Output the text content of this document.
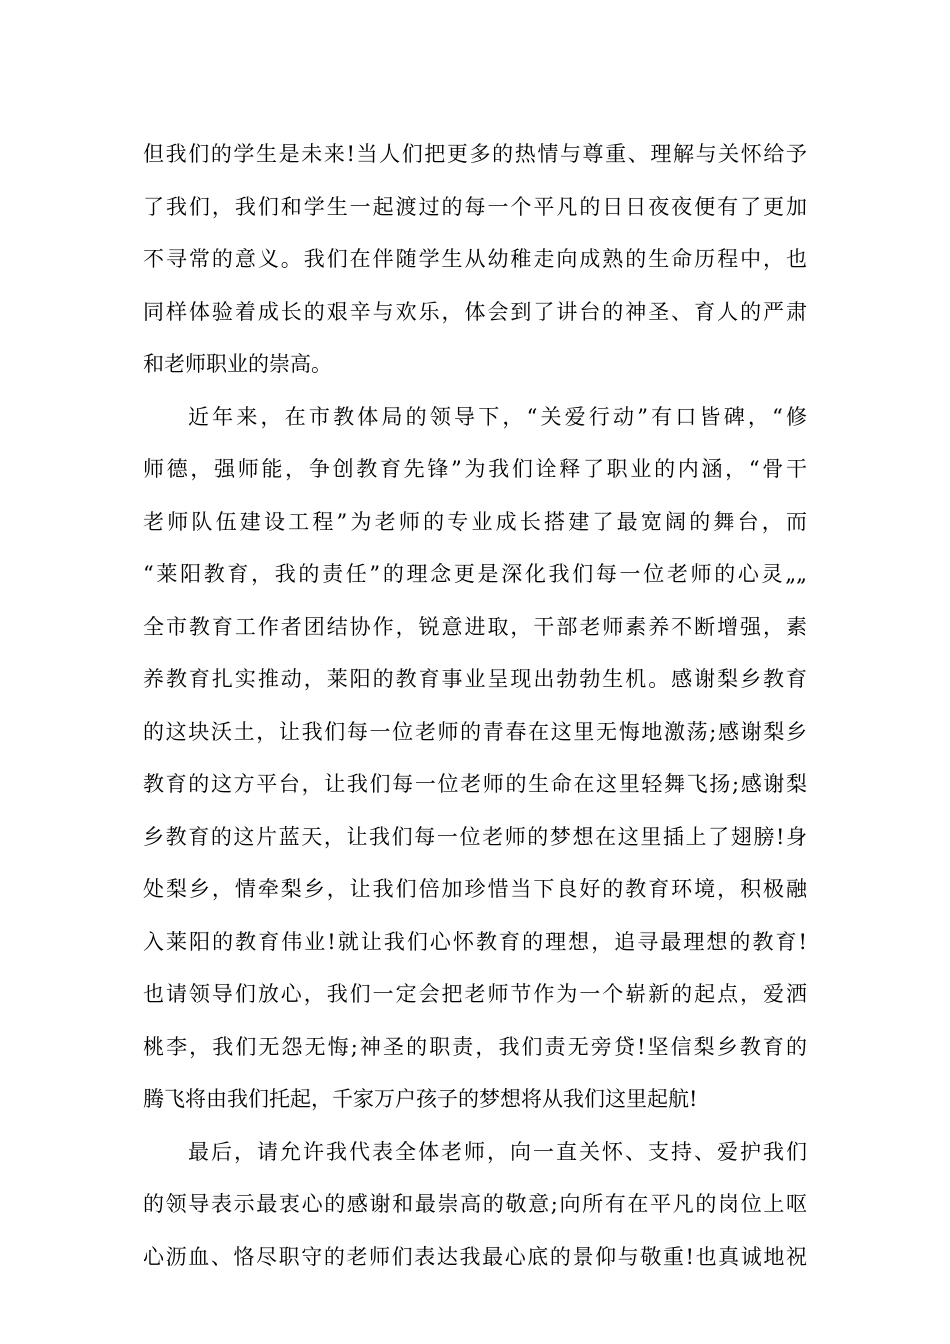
但我们的学生是未来!当人们把更多的热情与尊重、理解与关怀给予
了我们，我们和学生一起渡过的每一个平凡的日日夜夜便有了更加
不寻常的意义。我们在伴随学生从幼稚走向成熟的生命历程中，也
同样体验着成长的艰辛与欢乐，体会到了讲台的神圣、育人的严肃
和老师职业的崇高。
近年来，在市教体局的领导下，“关爱行动”有口皆碑，“修
师德，强师能，争创教育先锋”为我们诠释了职业的内涵，“骨干
老师队伍建设工程”为老师的专业成长搭建了最宽阔的舞台，而
“莱阳教育，我的责任”的理念更是深化我们每一位老师的心灵„„
全市教育工作者团结协作，锐意进取，干部老师素养不断增强，素
养教育扎实推动，莱阳的教育事业呈现出勃勃生机。感谢梨乡教育
的这块沃土，让我们每一位老师的青春在这里无悔地激荡;感谢梨乡
教育的这方平台，让我们每一位老师的生命在这里轻舞飞扬;感谢梨
乡教育的这片蓝天，让我们每一位老师的梦想在这里插上了翅膀!身
处梨乡，情牵梨乡，让我们倍加珍惜当下良好的教育环境，积极融
入莱阳的教育伟业!就让我们心怀教育的理想，追寻最理想的教育!
也请领导们放心，我们一定会把老师节作为一个崭新的起点，爱洒
桃李，我们无怨无悔;神圣的职责，我们责无旁贷!坚信梨乡教育的
腾飞将由我们托起，千家万户孩子的梦想将从我们这里起航!
最后，请允许我代表全体老师，向一直关怀、支持、爱护我们
的领导表示最衷心的感谢和最崇高的敬意;向所有在平凡的岗位上呕
心沥血、恪尽职守的老师们表达我最心底的景仰与敬重!也真诚地祝
